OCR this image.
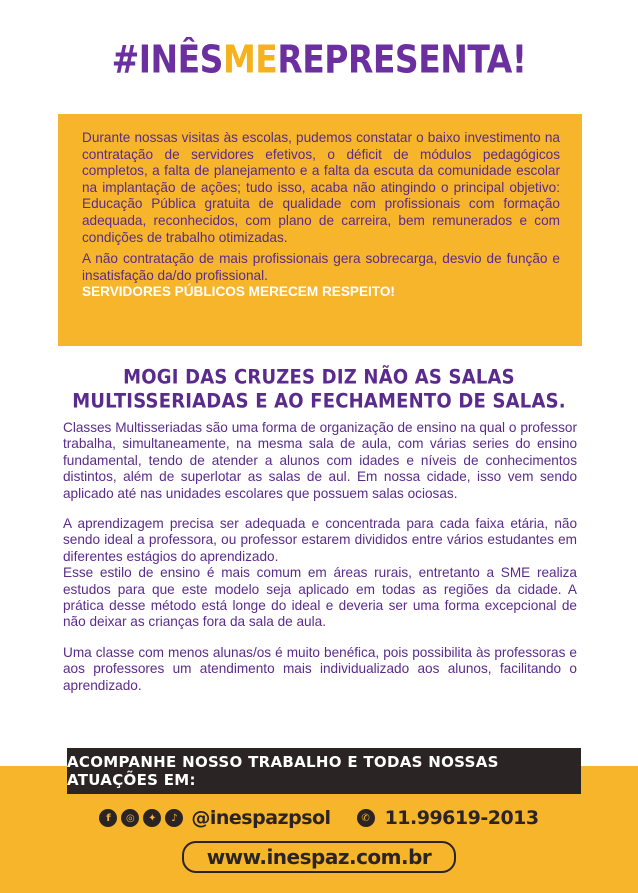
#INÊSMEREPRESENTA!

Durante nossas visitas às escolas, pudemos constatar o baixo investimento na contratação de servidores efetivos, o déficit de módulos pedagógicos completos, a falta de planejamento e a falta da escuta da comunidade escolar na implantação de ações; tudo isso, acaba não atingindo o principal objetivo: Educação Pública gratuita de qualidade com profissionais com formação adequada, reconhecidos, com plano de carreira, bem remunerados e com condições de trabalho otimizadas.

A não contratação de mais profissionais gera sobrecarga, desvio de função e insatisfação da/do profissional.

SERVIDORES PÚBLICOS MERECEM RESPEITO!

MOGI DAS CRUZES DIZ NÃO AS SALAS
MULTISSERIADAS E AO FECHAMENTO DE SALAS.

Classes Multisseriadas são uma forma de organização de ensino na qual o professor trabalha, simultaneamente, na mesma sala de aula, com várias series do ensino fundamental, tendo de atender a alunos com idades e níveis de conhecimentos distintos, além de superlotar as salas de aul. Em nossa cidade, isso vem sendo aplicado até nas unidades escolares que possuem salas ociosas.

A aprendizagem precisa ser adequada e concentrada para cada faixa etária, não sendo ideal a professora, ou professor estarem divididos entre vários estudantes em diferentes estágios do aprendizado.

Esse estilo de ensino é mais comum em áreas rurais, entretanto a SME realiza estudos para que este modelo seja aplicado em todas as regiões da cidade. A prática desse método está longe do ideal e deveria ser uma forma excepcional de não deixar as crianças fora da sala de aula.

Uma classe com menos alunas/os é muito benéfica, pois possibilita às professoras e aos professores um atendimento mais individualizado aos alunos, facilitando o aprendizado.

ACOMPANHE NOSSO TRABALHO E TODAS NOSSAS ATUAÇÕES EM:
f	◎	✦	♪ @inespazpsol	✆ 11.99619-2013
www.inespaz.com.br
